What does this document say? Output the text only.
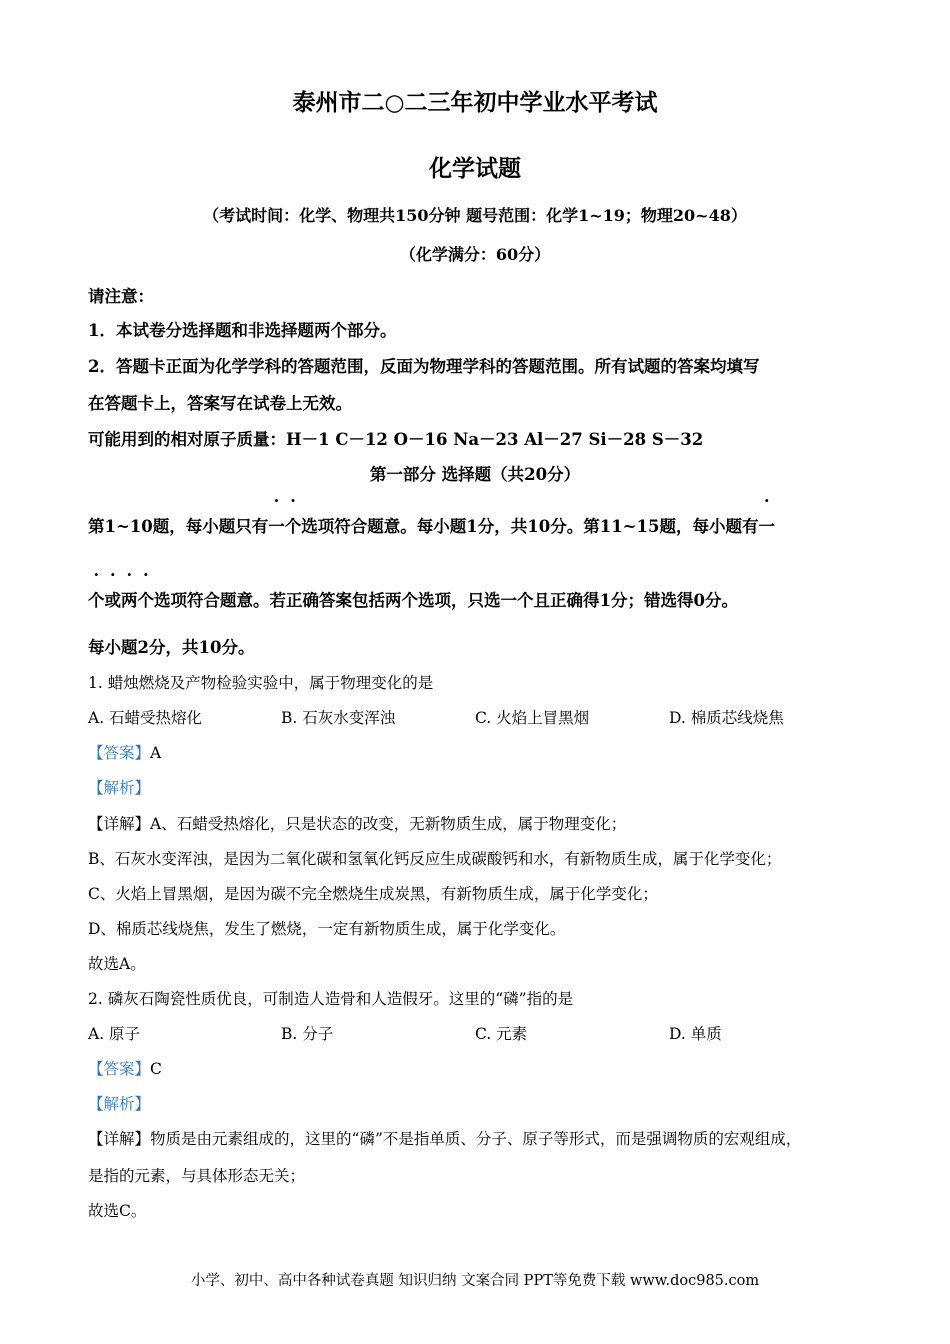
泰州市二○二三年初中学业水平考试
化学试题
（考试时间：化学、物理共150分钟 题号范围：化学1~19；物理20~48）
（化学满分：60分）
请注意：
1．本试卷分选择题和非选择题两个部分。
2．答题卡正面为化学学科的答题范围，反面为物理学科的答题范围。所有试题的答案均填写
在答题卡上，答案写在试卷上无效。
可能用到的相对原子质量：H－1 C－12 O－16 Na－23 Al－27 Si－28 S－32
第一部分 选择题（共20分）
第1~10题，每小题只有一个选项符合题意。每小题1分，共10分。第11~15题，每小题有一
个或两个选项符合题意。若正确答案包括两个选项，只选一个且正确得1分；错选得0分。
每小题2分，共10分。
1. 蜡烛燃烧及产物检验实验中，属于物理变化的是
A. 石蜡受热熔化	B. 石灰水变浑浊	C. 火焰上冒黑烟	D. 棉质芯线烧焦
【答案】A
【解析】
【详解】A、石蜡受热熔化，只是状态的改变，无新物质生成，属于物理变化；
B、石灰水变浑浊，是因为二氧化碳和氢氧化钙反应生成碳酸钙和水，有新物质生成，属于化学变化；
C、火焰上冒黑烟，是因为碳不完全燃烧生成炭黑，有新物质生成，属于化学变化；
D、棉质芯线烧焦，发生了燃烧，一定有新物质生成，属于化学变化。
故选A。
2. 磷灰石陶瓷性质优良，可制造人造骨和人造假牙。这里的“磷”指的是
A. 原子	B. 分子	C. 元素	D. 单质
【答案】C
【解析】
【详解】物质是由元素组成的，这里的“磷”不是指单质、分子、原子等形式，而是强调物质的宏观组成，
是指的元素，与具体形态无关；
故选C。
小学、初中、高中各种试卷真题 知识归纳 文案合同 PPT等免费下载 www.doc985.com
